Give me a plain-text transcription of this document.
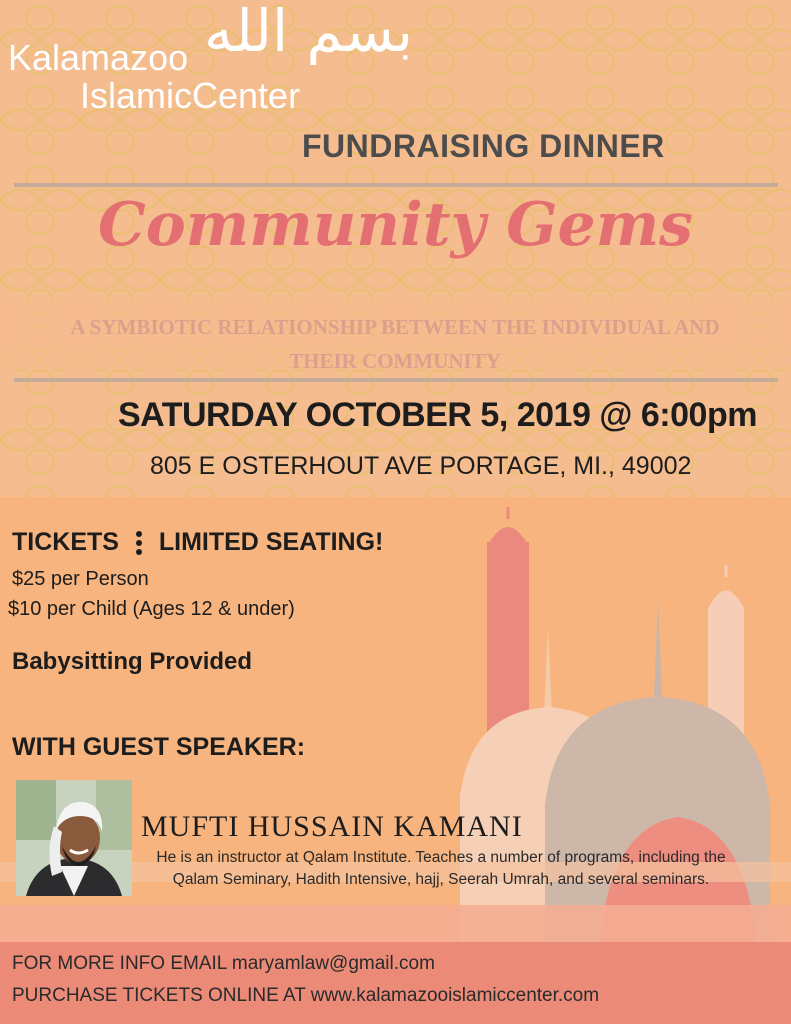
بسم الله
Kalamazoo
IslamicCenter
FUNDRAISING DINNER
Community Gems
A SYMBIOTIC RELATIONSHIP BETWEEN THE INDIVIDUAL AND THEIR COMMUNITY
SATURDAY OCTOBER 5, 2019 @ 6:00pm
805 E OSTERHOUT AVE PORTAGE, MI., 49002
TICKETS LIMITED SEATING!
$25 per Person
$10 per Child (Ages 12 & under)
Babysitting Provided
WITH GUEST SPEAKER:
MUFTI HUSSAIN KAMANI
He is an instructor at Qalam Institute. Teaches a number of programs, including the Qalam Seminary, Hadith Intensive, hajj, Seerah Umrah, and several seminars.
FOR MORE INFO EMAIL maryamlaw@gmail.com
PURCHASE TICKETS ONLINE AT www.kalamazooislamiccenter.com
